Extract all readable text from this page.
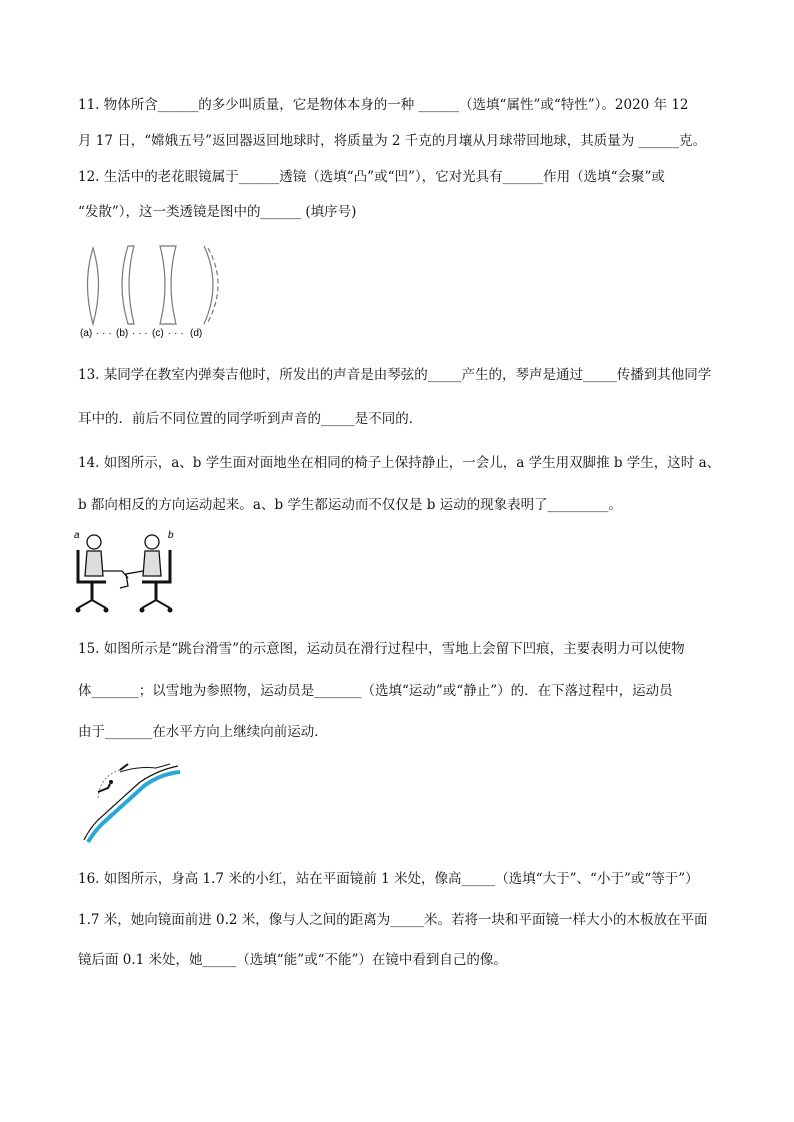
11. 物体所含______的多少叫质量，它是物体本身的一种 ______（选填“属性”或“特性”）。2020 年 12
月 17 日，“嫦娥五号”返回器返回地球时，将质量为 2 千克的月壤从月球带回地球，其质量为 ______克。
12. 生活中的老花眼镜属于______透镜（选填“凸”或“凹”），它对光具有______作用（选填“会聚”或
“发散”），这一类透镜是图中的______ (填序号)
(a) · · · (b) · · · (c) · · · (d)
13. 某同学在教室内弹奏吉他时，所发出的声音是由琴弦的_____产生的，琴声是通过_____传播到其他同学
耳中的．前后不同位置的同学听到声音的_____是不同的．
14. 如图所示，a、b 学生面对面地坐在相同的椅子上保持静止，一会儿，a 学生用双脚推 b 学生，这时 a、
b 都向相反的方向运动起来。a、b 学生都运动而不仅仅是 b 运动的现象表明了_________。
a	b
15. 如图所示是“跳台滑雪”的示意图，运动员在滑行过程中，雪地上会留下凹痕，主要表明力可以使物
体_______；以雪地为参照物，运动员是_______（选填“运动”或“静止”）的．在下落过程中，运动员
由于_______在水平方向上继续向前运动．
16. 如图所示，身高 1.7 米的小红，站在平面镜前 1 米处，像高_____（选填“大于”、“小于”或“等于”）
1.7 米，她向镜面前进 0.2 米，像与人之间的距离为_____米。若将一块和平面镜一样大小的木板放在平面
镜后面 0.1 米处，她_____（选填“能”或“不能”）在镜中看到自己的像。
